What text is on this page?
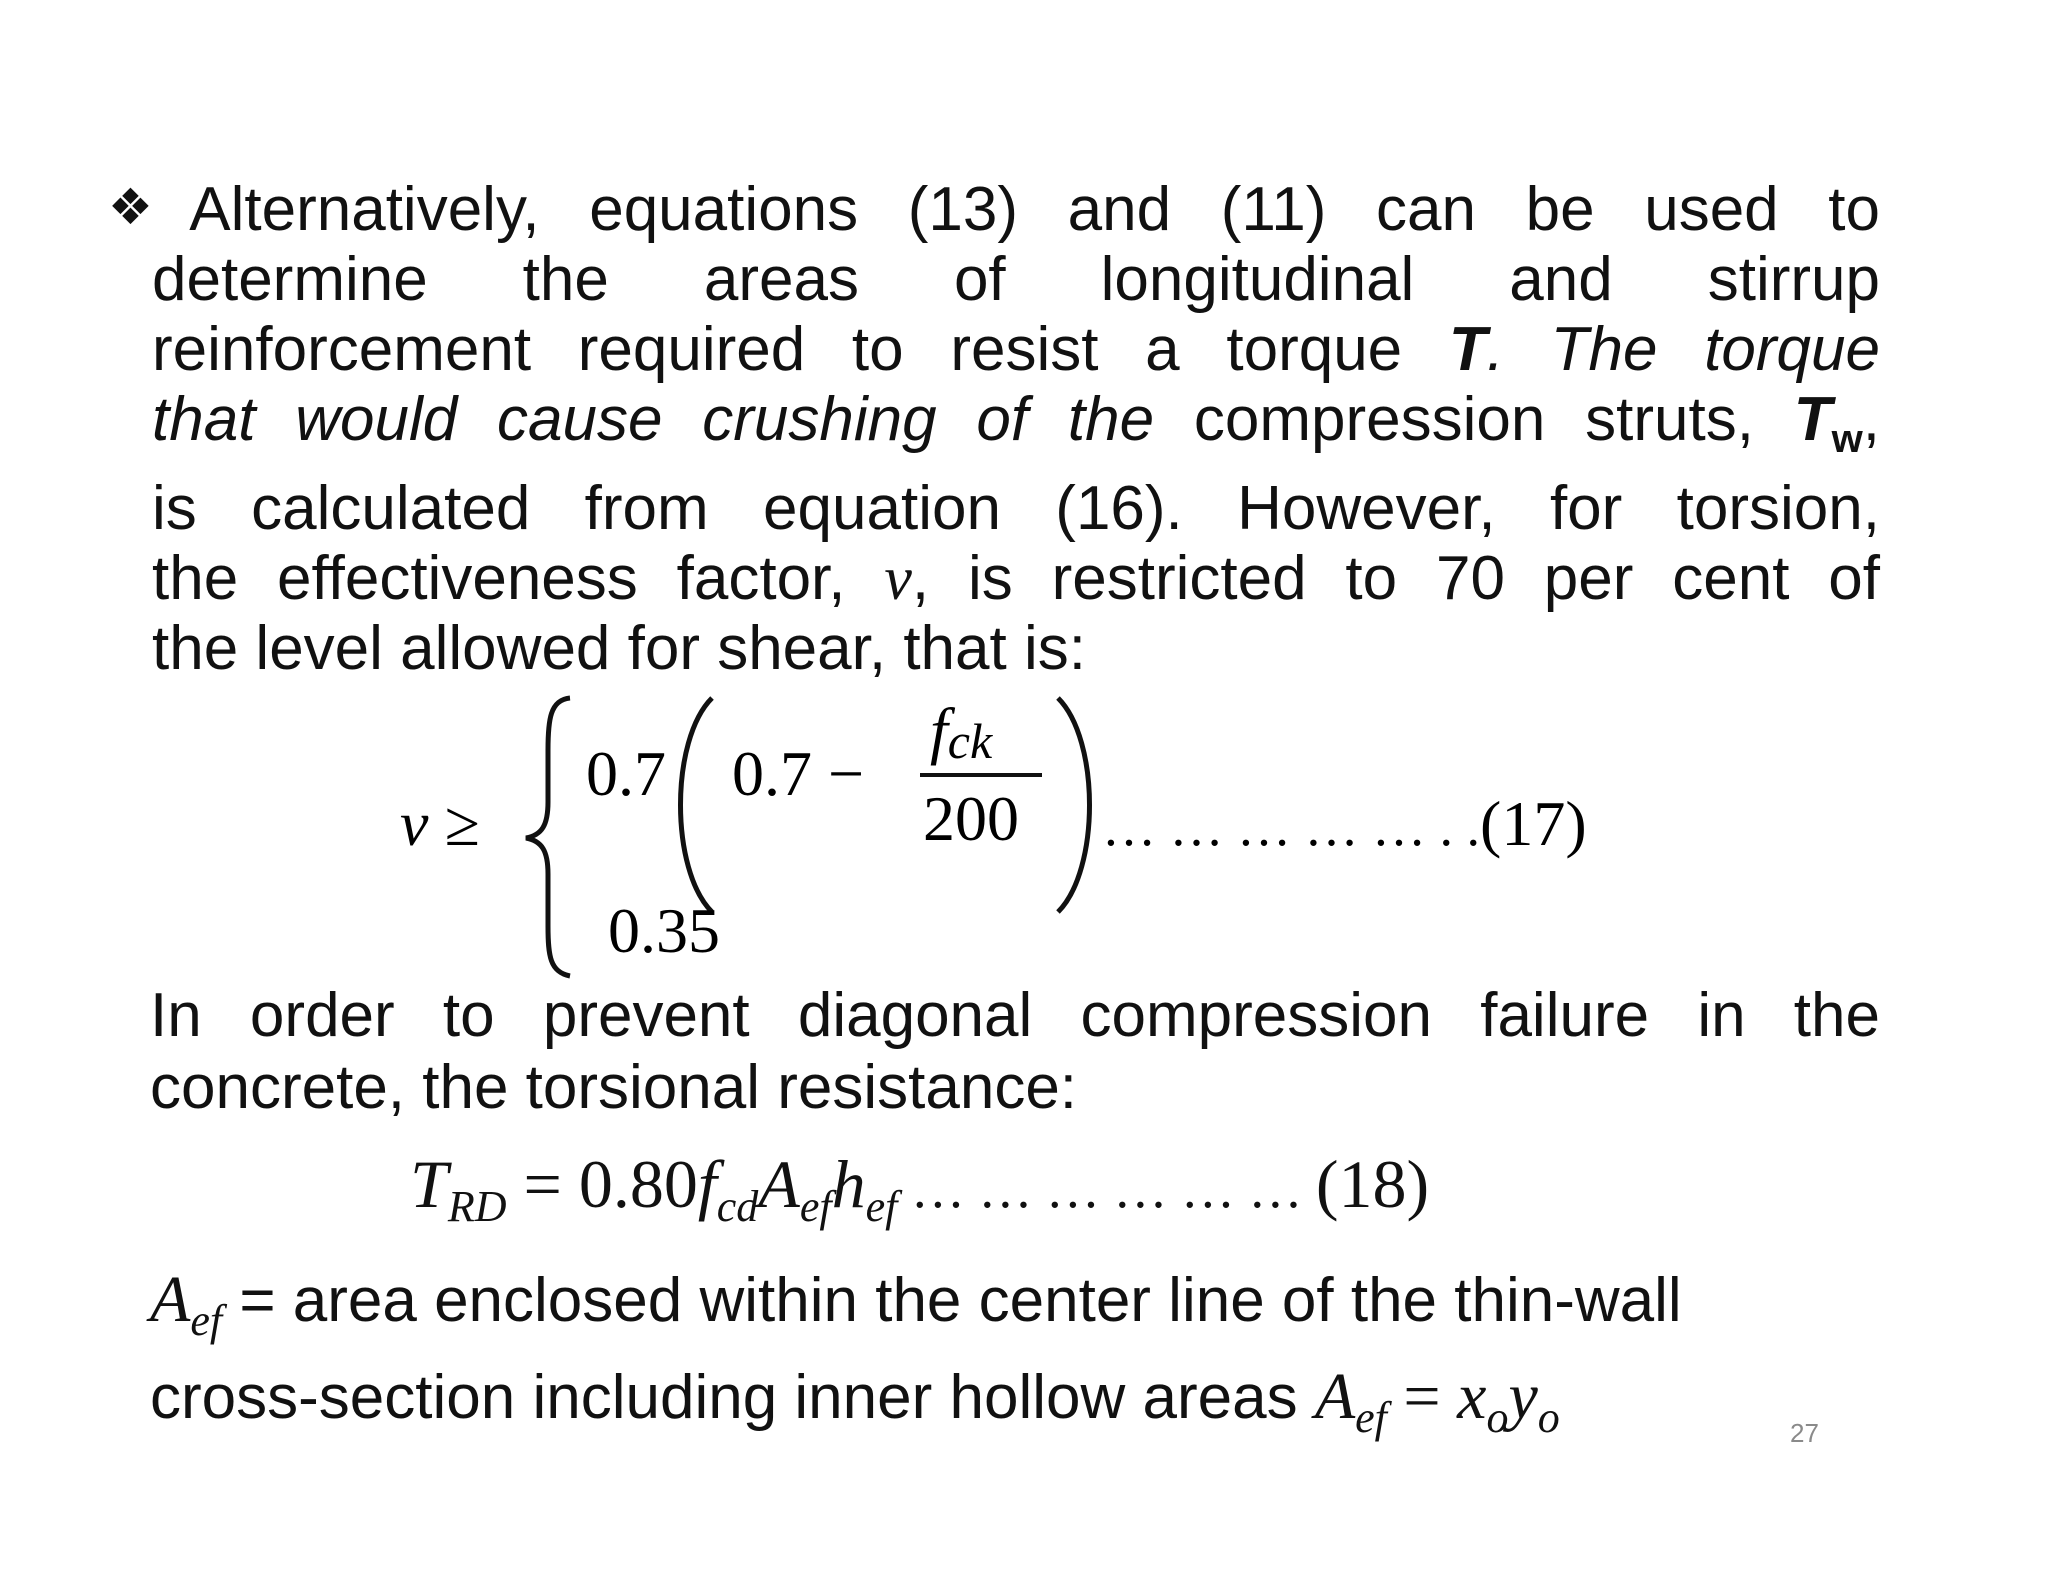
❖Alternatively, equations (13) and (11) can be used to
determine the areas of longitudinal and stirrup
reinforcement required to resist a torque T. The torque
that would cause crushing of the compression struts, $T_w$,
is calculated from equation (16). However, for torsion,
the effectiveness factor, ν, is restricted to 70 per cent of
the level allowed for shear, that is:
ν ≥
0.7 0.7 −
fck
200 … … … … … . . (17)
0.35
In order to prevent diagonal compression failure in the
concrete, the torsional resistance:
$T_{RD} = 0.80f_{cd}A_{ef}h_{ef}$ … … … … … … (18)
$A_{ef}$ = area enclosed within the center line of the thin-wall
cross-section including inner hollow areas $A_{ef} = x_oy_o$	27
